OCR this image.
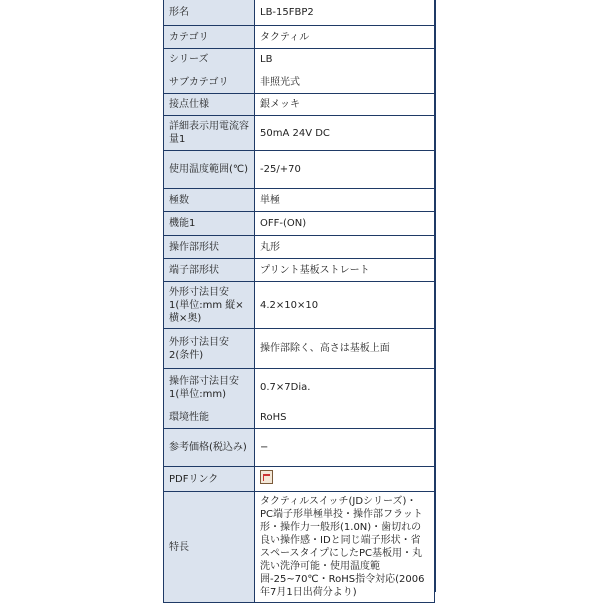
形名	LB-15FBP2
カテゴリ	タクティル
シリーズ	LB
サブカテゴリ	非照光式
接点仕様	銀メッキ
詳細表示用電流容量1	50mA 24V DC
使用温度範囲(℃)	-25/+70
極数	単極
機能1	OFF-(ON)
操作部形状	丸形
端子部形状	プリント基板ストレート
外形寸法目安1(単位:mm 縦×横×奥)	4.2×10×10
外形寸法目安2(条件)	操作部除く、高さは基板上面
操作部寸法目安1(単位:mm)	0.7×7Dia.
環境性能	RoHS
参考価格(税込み)	−
PDFリンク	
特長	タクティルスイッチ(JDシリーズ)・PC端子形単極単投・操作部フラット形・操作力一般形(1.0N)・歯切れの良い操作感・IDと同じ端子形状・省スペースタイプにしたPC基板用・丸洗い洗浄可能・使用温度範囲-25~70℃・RoHS指令対応(2006年7月1日出荷分より)
